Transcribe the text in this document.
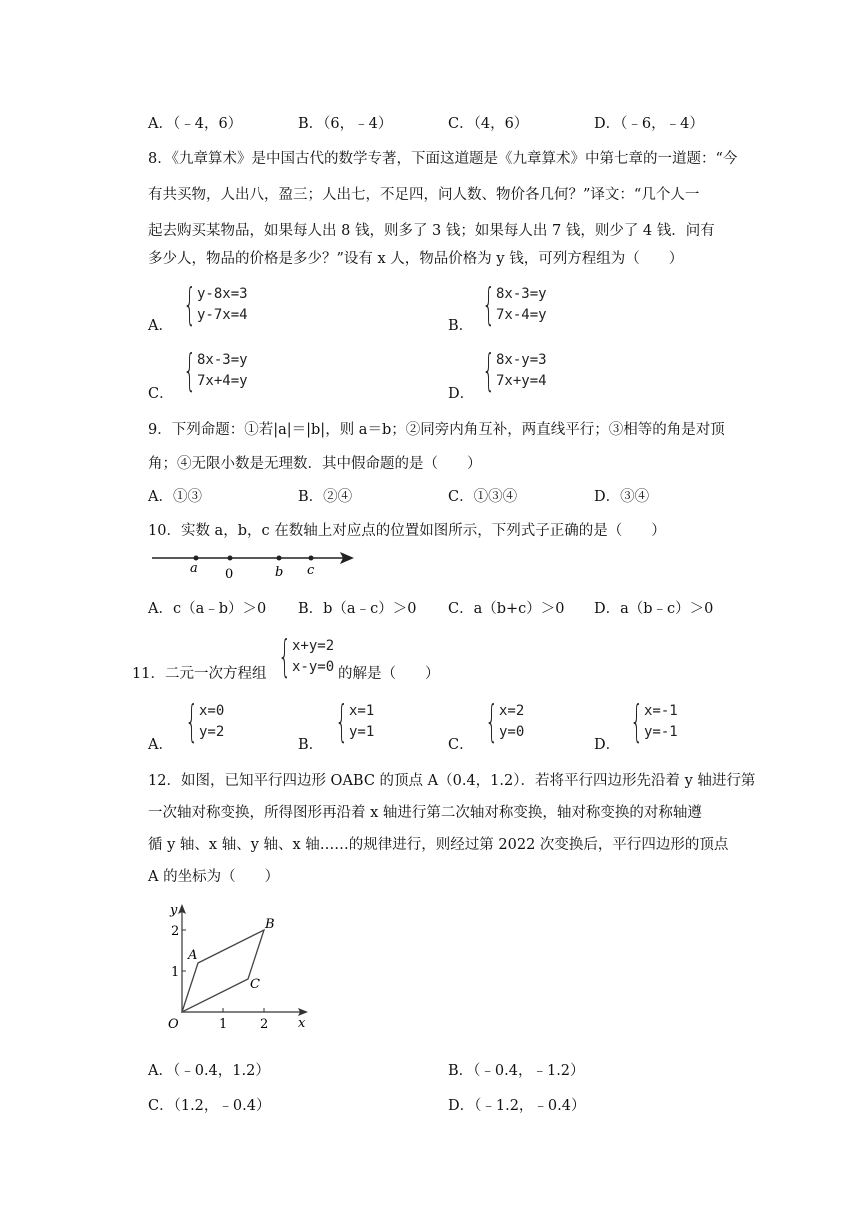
A．（﹣4，6）	B．（6，﹣4）	C．（4，6）	D．（﹣6，﹣4）
8．《九章算术》是中国古代的数学专著，下面这道题是《九章算术》中第七章的一道题：“今
有共买物，人出八，盈三；人出七，不足四，问人数、物价各几何？”译文：“几个人一
起去购买某物品，如果每人出 8 钱，则多了 3 钱；如果每人出 7 钱，则少了 4 钱．问有
多少人，物品的价格是多少？”设有 x 人，物品价格为 y 钱，可列方程组为（　　）
A． { y-8x=3
y-7x=4
B． { 8x-3=y
7x-4=y
C． { 8x-3=y
7x+4=y
D． { 8x-y=3
7x+y=4
9．下列命题：①若|a|＝|b|，则 a＝b；②同旁内角互补，两直线平行；③相等的角是对顶
角；④无限小数是无理数．其中假命题的是（　　）
A．①③	B．②④	C．①③④	D．③④
10．实数 a，b，c 在数轴上对应点的位置如图所示，下列式子正确的是（　　）
a 0	b c
A．c（a﹣b）＞0 B．b（a﹣c）＞0 C．a（b+c）＞0 D．a（b﹣c）＞0
11．二元一次方程组 { x+y=2
x-y=0 的解是（　　）
A． { x=0
y=2
B． { x=1
y=1
C． { x=2
y=0
D． { x=-1
y=-1
12．如图，已知平行四边形 OABC 的顶点 A（0.4，1.2）．若将平行四边形先沿着 y 轴进行第
一次轴对称变换，所得图形再沿着 x 轴进行第二次轴对称变换，轴对称变换的对称轴遵
循 y 轴、x 轴、y 轴、x 轴……的规律进行，则经过第 2022 次变换后，平行四边形的顶点
A 的坐标为（　　）
O	1	2
1
2
x
y
A
B
C
A．（﹣0.4，1.2）	B．（﹣0.4，﹣1.2）
C．（1.2，﹣0.4）	D．（﹣1.2，﹣0.4）
